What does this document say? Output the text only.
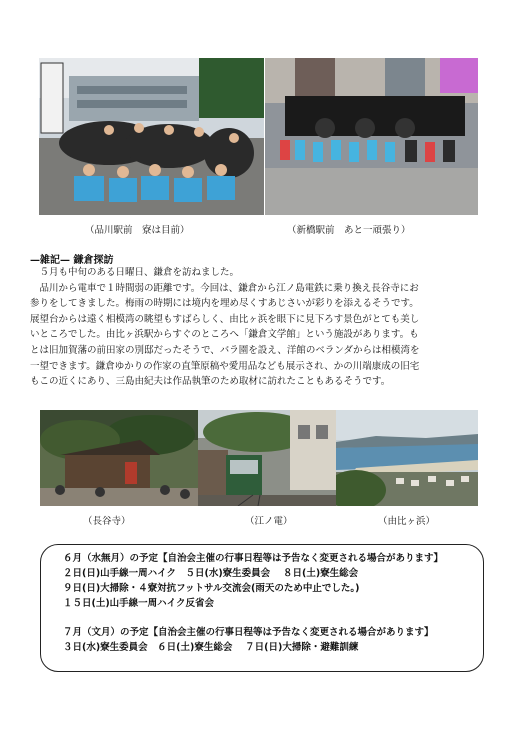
（品川駅前　寮は目前）	（新橋駅前　あと一頑張り）
—雑記— 鎌倉探訪

　５月も中旬のある日曜日、鎌倉を訪ねました。

　品川から電車で１時間弱の距離です。今回は、鎌倉から江ノ島電鉄に乗り換え長谷寺にお

参りをしてきました。梅雨の時期には境内を埋め尽くすあじさいが彩りを添えるそうです。

展望台からは遠く相模湾の眺望もすばらしく、由比ヶ浜を眼下に見下ろす景色がとても美し

いところでした。由比ヶ浜駅からすぐのところへ「鎌倉文学館」という施設があります。も

とは旧加賀藩の前田家の別邸だったそうで、バラ園を設え、洋館のベランダからは相模湾を

一望できます。鎌倉ゆかりの作家の直筆原稿や愛用品なども展示され、かの川端康成の旧宅

もこの近くにあり、三島由紀夫は作品執筆のため取材に訪れたこともあるそうです。

（長谷寺）	（江ノ電）	（由比ヶ浜）
６月（水無月）の予定【自治会主催の行事日程等は予告なく変更される場合があります】
２日(日)山手線一周ハイク　５日(水)寮生委員会　 ８日(土)寮生総会
９日(日)大掃除・４寮対抗フットサル交流会(雨天のため中止でした。)
１５日(土)山手線一周ハイク反省会
７月（文月）の予定【自治会主催の行事日程等は予告なく変更される場合があります】
３日(水)寮生委員会　６日(土)寮生総会　 ７日(日)大掃除・避難訓練
